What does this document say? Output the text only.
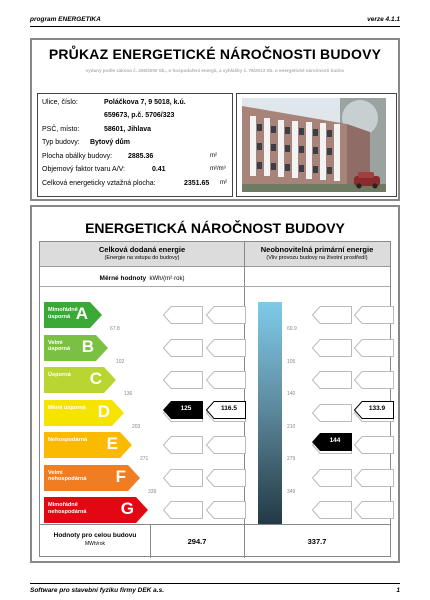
program ENERGETIKA	verze 4.1.1
PRŮKAZ ENERGETICKÉ NÁROČNOSTI BUDOVY
vydaný podle zákona č. 406/2000 Sb., o hospodaření energií, a vyhlášky č. 78/2013 Sb. o energetické náročnosti budov
Ulice, číslo:	Poláčkova 7, 9 5018, k.ú.
659673, p.č. 5706/323
PSČ, místo:	58601, Jihlava
Typ budovy: Bytový dům
Plocha obálky budovy: 2885.36	m²
Objemový faktor tvaru A/V:	0.41	m²/m³
Celková energeticky vztažná plocha:	2351.65 m²
ENERGETICKÁ NÁROČNOST BUDOVY
Celková dodaná energie
(Energie na vstupu do budovy)
Neobnovitelná primární energie
(Vliv provozu budovy na životní prostředí)
Měrné hodnoty kWh/(m²·rok)
Mimořádně
úsporná A
Velmi
úsporná B
Úsporná C
Méně úsporná D
Nehospodárná E
Velmi
nehospodárná F
Mimořádně
nehospodárná G
67.8
102
136
203
271
339
69.9
105
140
210
279
349
125	116.5
144
133.9
Hodnoty pro celou budovu
MWh/rok	294.7	337.7
Software pro stavební fyziku firmy DEK a.s.	1
